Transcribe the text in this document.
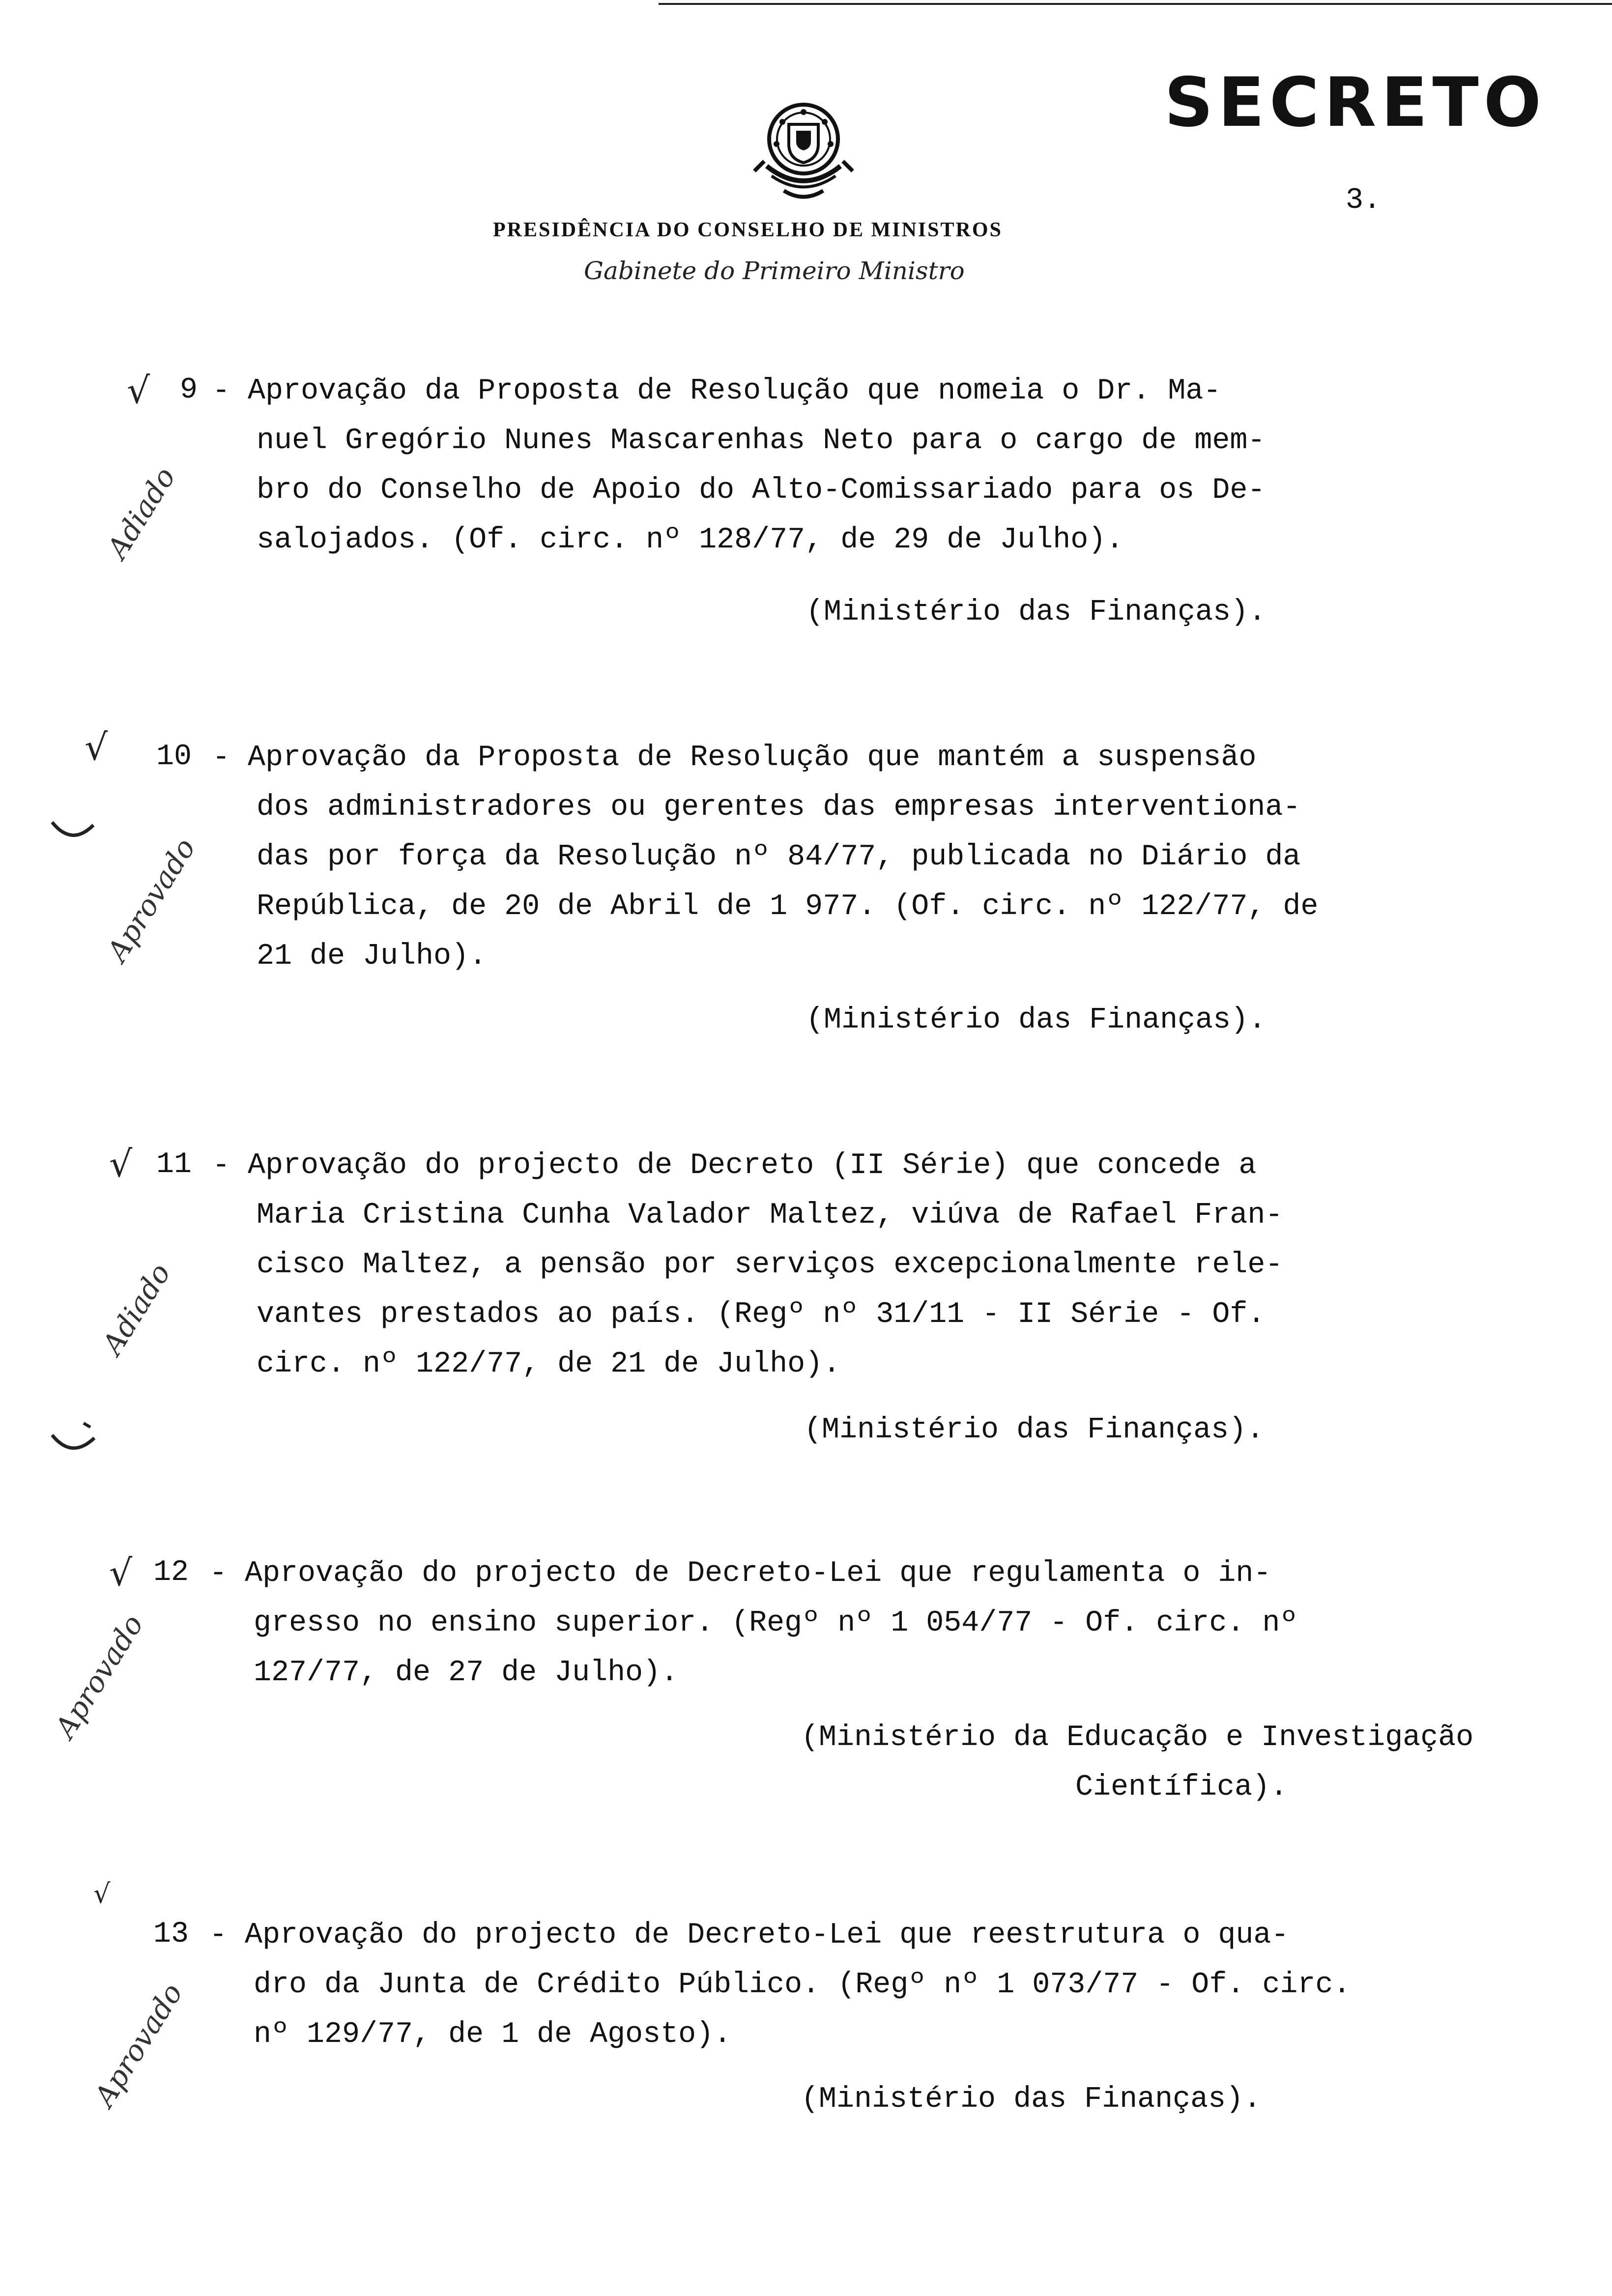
SECRETO
3.
PRESIDÊNCIA DO CONSELHO DE MINISTROS
Gabinete do Primeiro Ministro
√ 9 - Aprovação da Proposta de Resolução que nomeia o Dr. Ma-
nuel Gregório Nunes Mascarenhas Neto para o cargo de mem-
bro do Conselho de Apoio do Alto-Comissariado para os De-
salojados. (Of. circ. nº 128/77, de 29 de Julho).
(Ministério das Finanças).
Adiado
√ 10 - Aprovação da Proposta de Resolução que mantém a suspensão
dos administradores ou gerentes das empresas interventiona-
das por força da Resolução nº 84/77, publicada no Diário da
República, de 20 de Abril de 1 977. (Of. circ. nº 122/77, de
21 de Julho).
(Ministério das Finanças).
Aprovado
√ 11 - Aprovação do projecto de Decreto (II Série) que concede a
Maria Cristina Cunha Valador Maltez, viúva de Rafael Fran-
cisco Maltez, a pensão por serviços excepcionalmente rele-
vantes prestados ao país. (Regº nº 31/11 - II Série - Of.
circ. nº 122/77, de 21 de Julho).
(Ministério das Finanças).
Adiado
√ 12 - Aprovação do projecto de Decreto-Lei que regulamenta o in-
gresso no ensino superior. (Regº nº 1 054/77 - Of. circ. nº
127/77, de 27 de Julho).
(Ministério da Educação e Investigação
Científica).
Aprovado
√
13 - Aprovação do projecto de Decreto-Lei que reestrutura o qua-
dro da Junta de Crédito Público. (Regº nº 1 073/77 - Of. circ.
nº 129/77, de 1 de Agosto).
(Ministério das Finanças).
Aprovado
